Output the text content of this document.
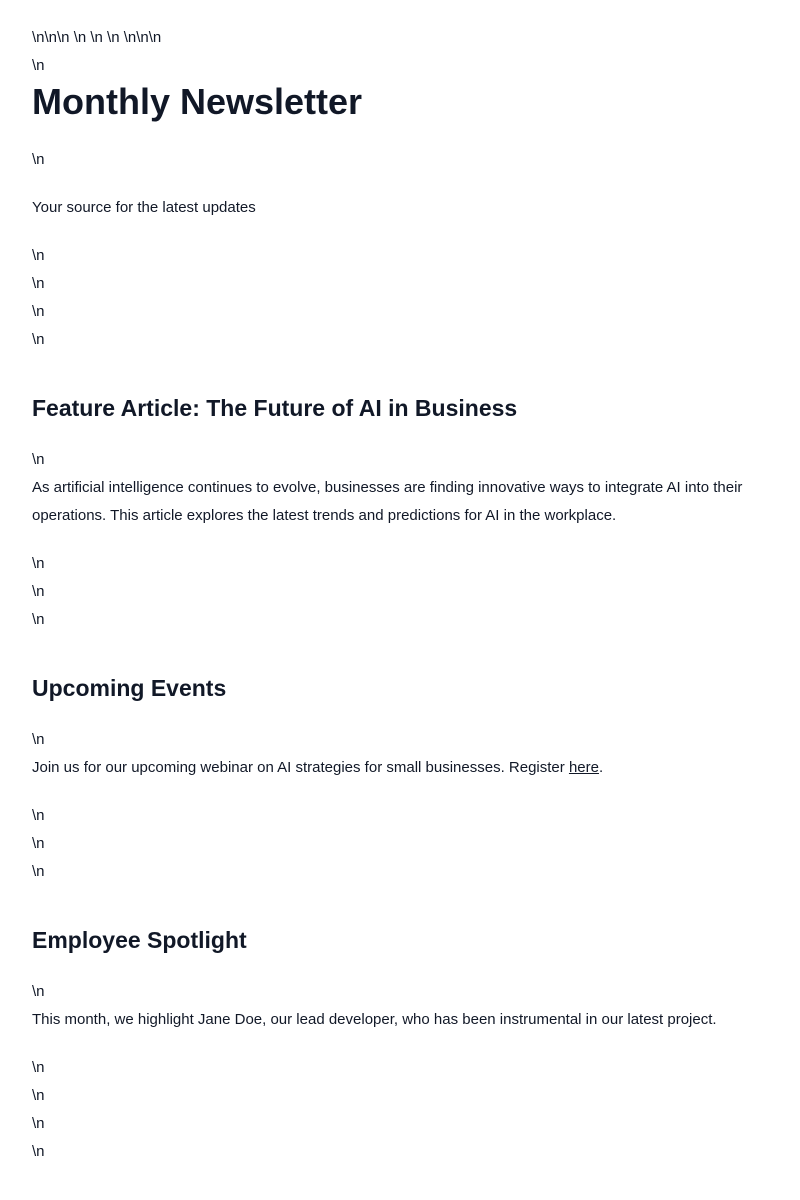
\n\n\n \n \n \n \n\n\n
\n
Monthly Newsletter
\n
Your source for the latest updates
\n
\n
\n
\n
Feature Article: The Future of AI in Business
\n

As artificial intelligence continues to evolve, businesses are finding innovative ways to integrate AI into their operations. This article explores the latest trends and predictions for AI in the workplace.

\n
\n
\n
Upcoming Events
\n

Join us for our upcoming webinar on AI strategies for small businesses. Register here.

\n
\n
\n
Employee Spotlight
\n

This month, we highlight Jane Doe, our lead developer, who has been instrumental in our latest project.

\n
\n
\n
\n
